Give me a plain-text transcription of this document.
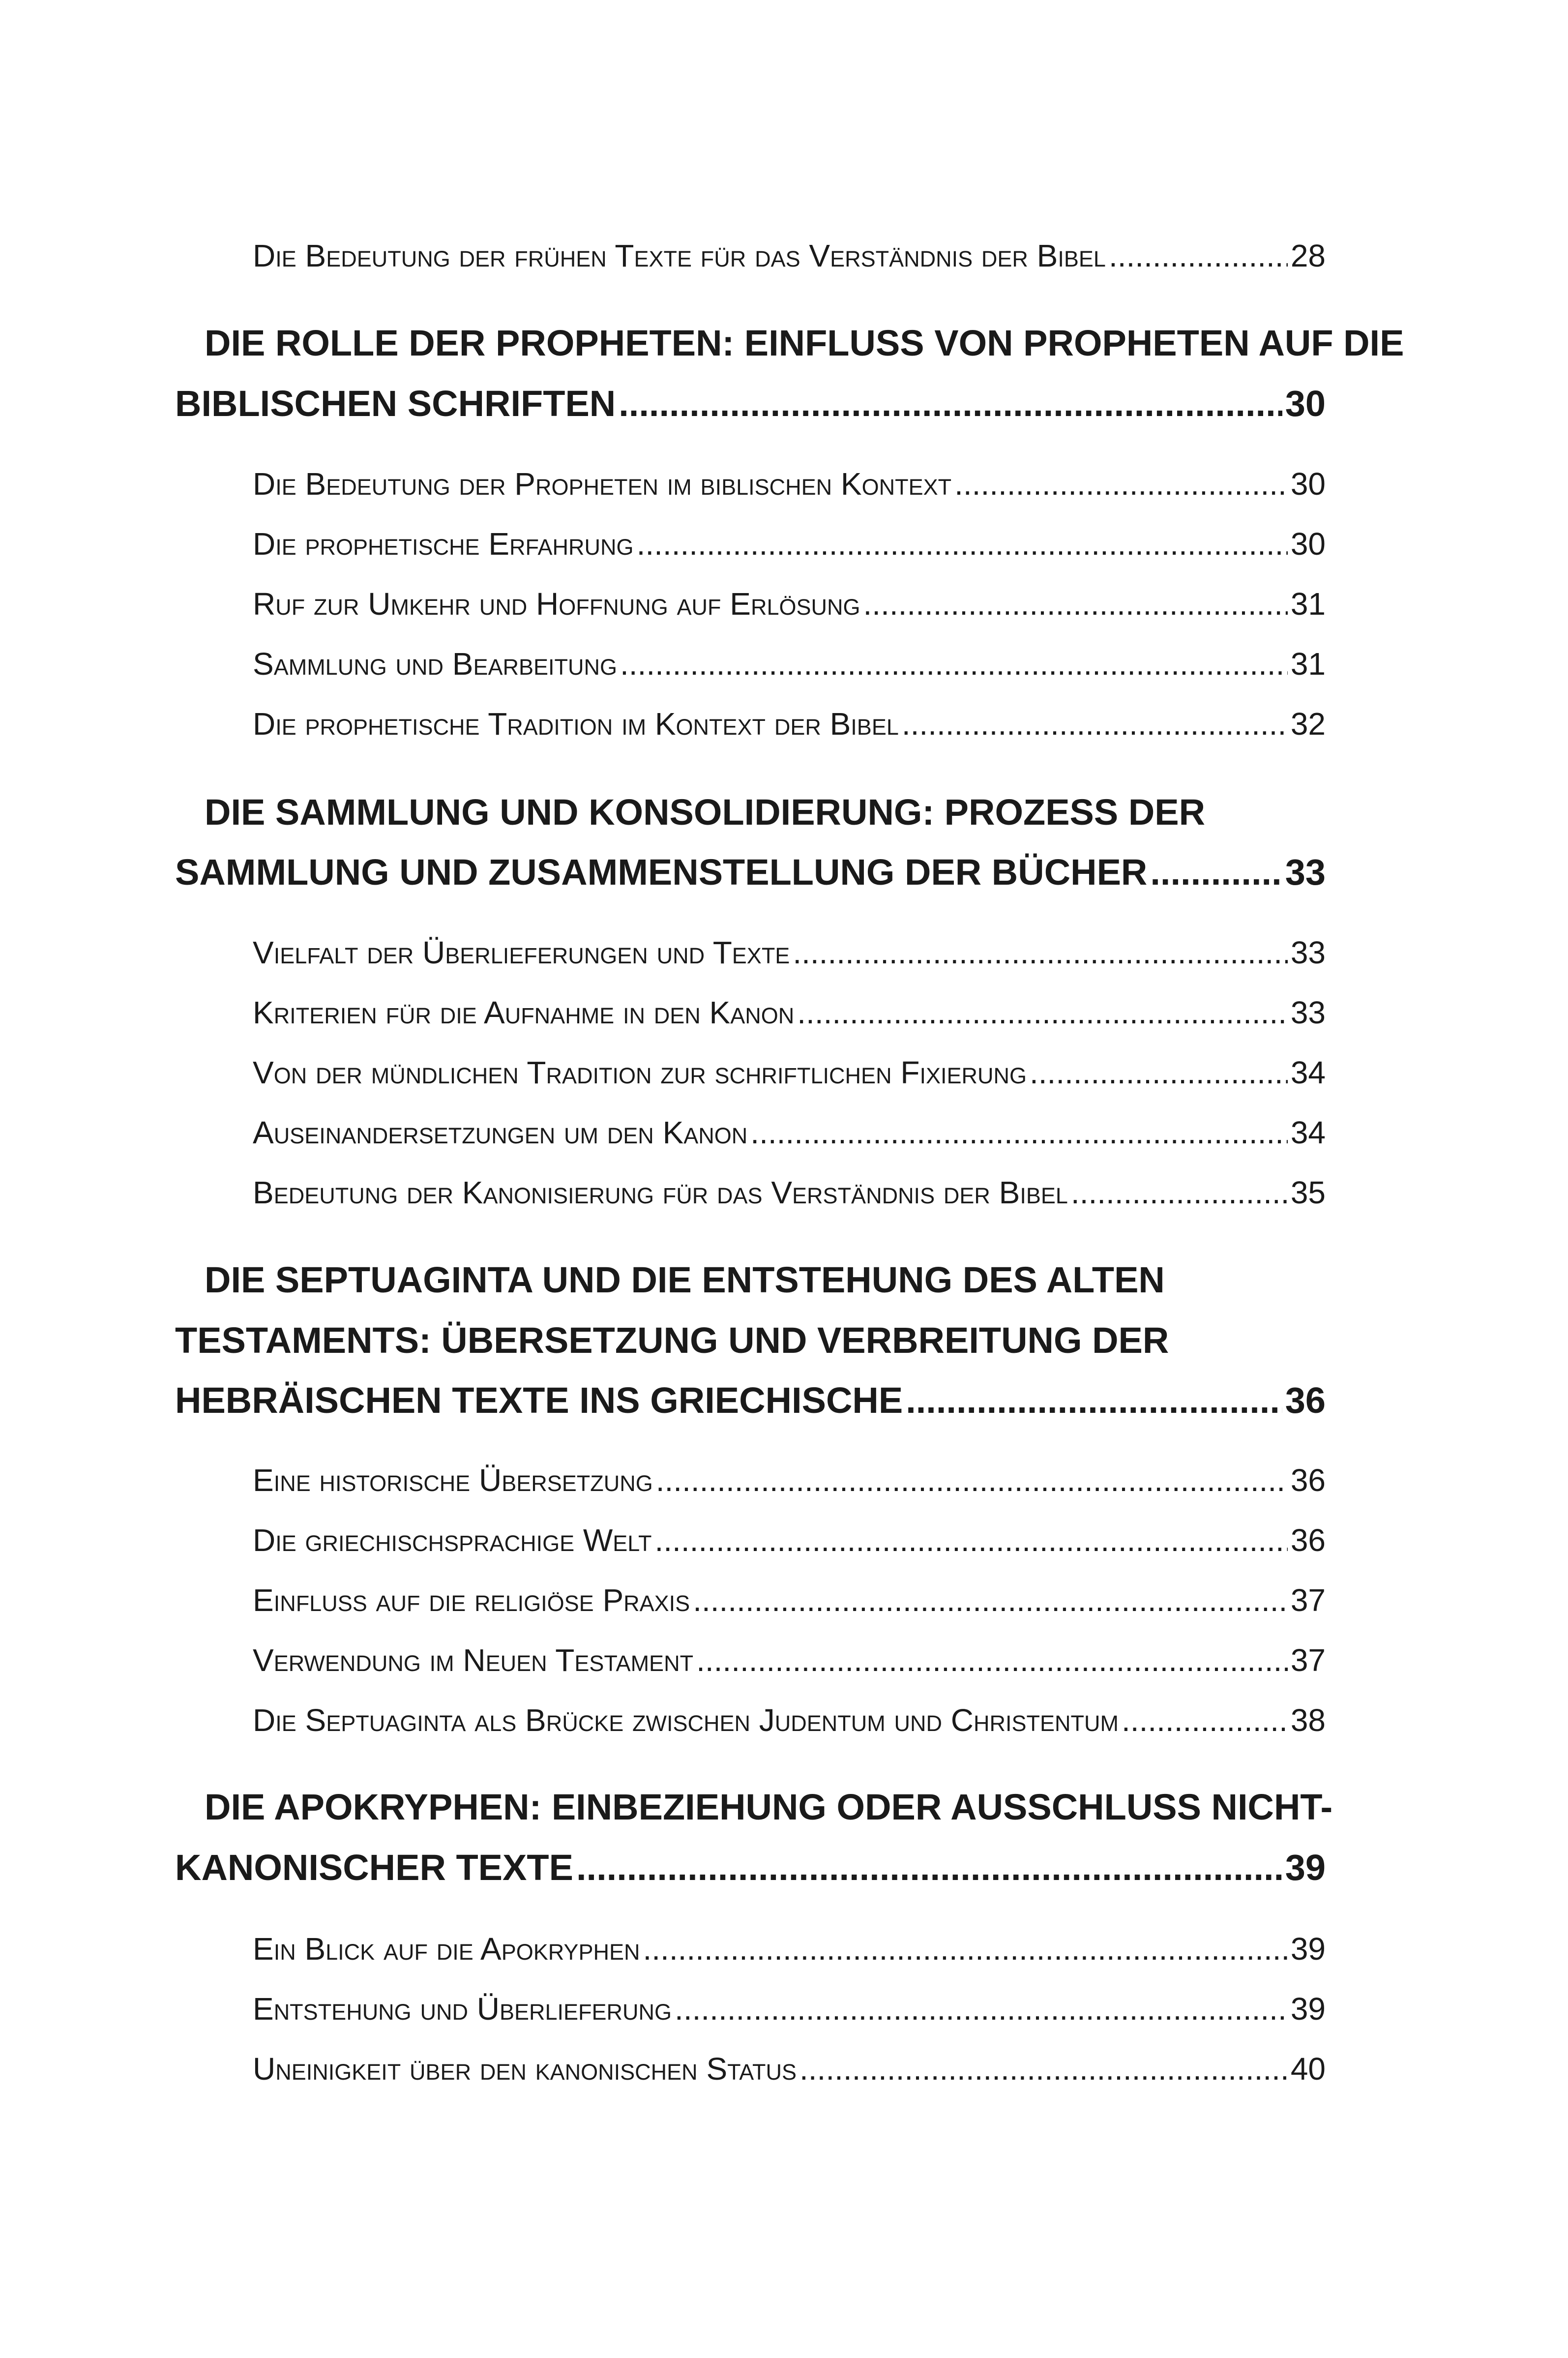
Die Bedeutung der frühen Texte für das Verständnis der Bibel .....	28
DIE ROLLE DER PROPHETEN: EINFLUSS VON PROPHETEN AUF DIE
BIBLISCHEN SCHRIFTEN .....	30
Die Bedeutung der Propheten im biblischen Kontext .....	30
Die prophetische Erfahrung .....	30
Ruf zur Umkehr und Hoffnung auf Erlösung .....	31
Sammlung und Bearbeitung .....	31
Die prophetische Tradition im Kontext der Bibel .....	32
DIE SAMMLUNG UND KONSOLIDIERUNG: PROZESS DER
SAMMLUNG UND ZUSAMMENSTELLUNG DER BÜCHER .....	33
Vielfalt der Überlieferungen und Texte .....	33
Kriterien für die Aufnahme in den Kanon .....	33
Von der mündlichen Tradition zur schriftlichen Fixierung .....	34
Auseinandersetzungen um den Kanon .....	34
Bedeutung der Kanonisierung für das Verständnis der Bibel .....	35
DIE SEPTUAGINTA UND DIE ENTSTEHUNG DES ALTEN
TESTAMENTS: ÜBERSETZUNG UND VERBREITUNG DER
HEBRÄISCHEN TEXTE INS GRIECHISCHE .....	36
Eine historische Übersetzung .....	36
Die griechischsprachige Welt .....	36
Einfluss auf die religiöse Praxis .....	37
Verwendung im Neuen Testament .....	37
Die Septuaginta als Brücke zwischen Judentum und Christentum .....	38
DIE APOKRYPHEN: EINBEZIEHUNG ODER AUSSCHLUSS NICHT-
KANONISCHER TEXTE .....	39
Ein Blick auf die Apokryphen .....	39
Entstehung und Überlieferung .....	39
Uneinigkeit über den kanonischen Status .....	40
